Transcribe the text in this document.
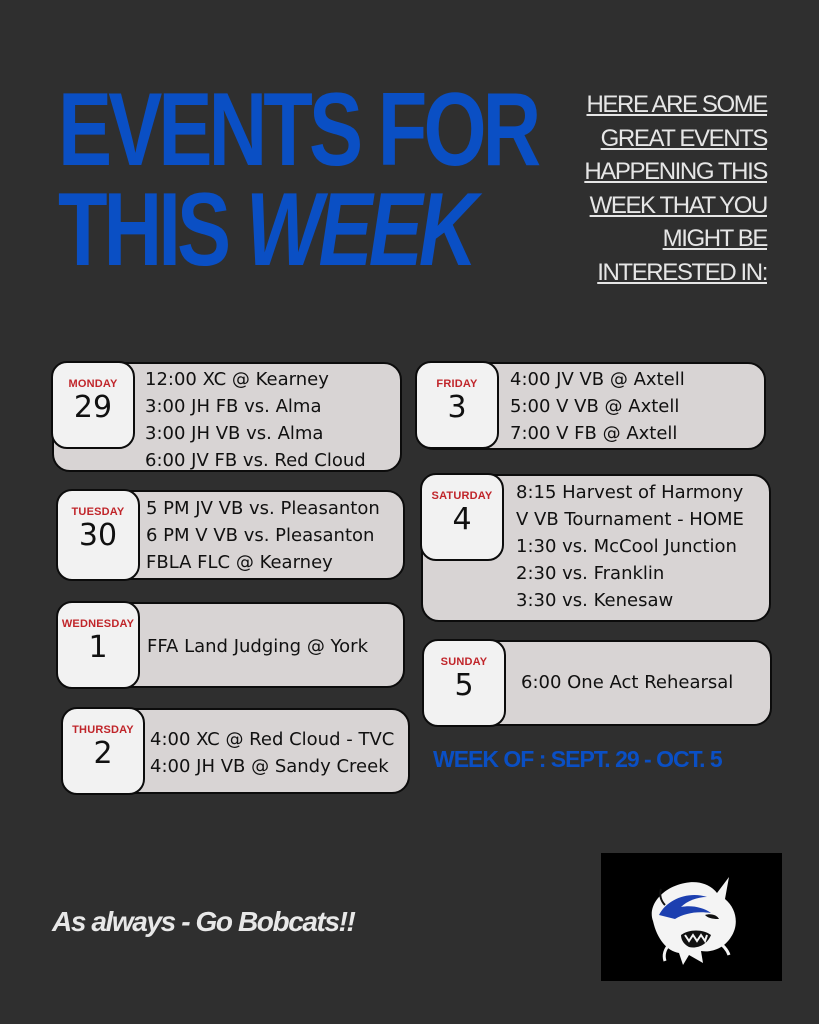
EVENTS FOR
THIS WEEK
HERE ARE SOME GREAT EVENTS HAPPENING THIS WEEK THAT YOU MIGHT BE INTERESTED IN:
MONDAY
29
12:00 XC @ Kearney
3:00 JH FB vs. Alma
3:00 JH VB vs. Alma
6:00 JV FB vs. Red Cloud
TUESDAY
30
5 PM JV VB vs. Pleasanton
6 PM V VB vs. Pleasanton
FBLA FLC @ Kearney
WEDNESDAY
1	FFA Land Judging @ York
THURSDAY
2	4:00 XC @ Red Cloud - TVC
4:00 JH VB @ Sandy Creek
FRIDAY
3
4:00 JV VB @ Axtell
5:00 V VB @ Axtell
7:00 V FB @ Axtell
SATURDAY
4
8:15 Harvest of Harmony
V VB Tournament - HOME
1:30 vs. McCool Junction
2:30 vs. Franklin
3:30 vs. Kenesaw
SUNDAY
5	6:00 One Act Rehearsal
WEEK OF : SEPT. 29 - OCT. 5
As always - Go Bobcats!!
